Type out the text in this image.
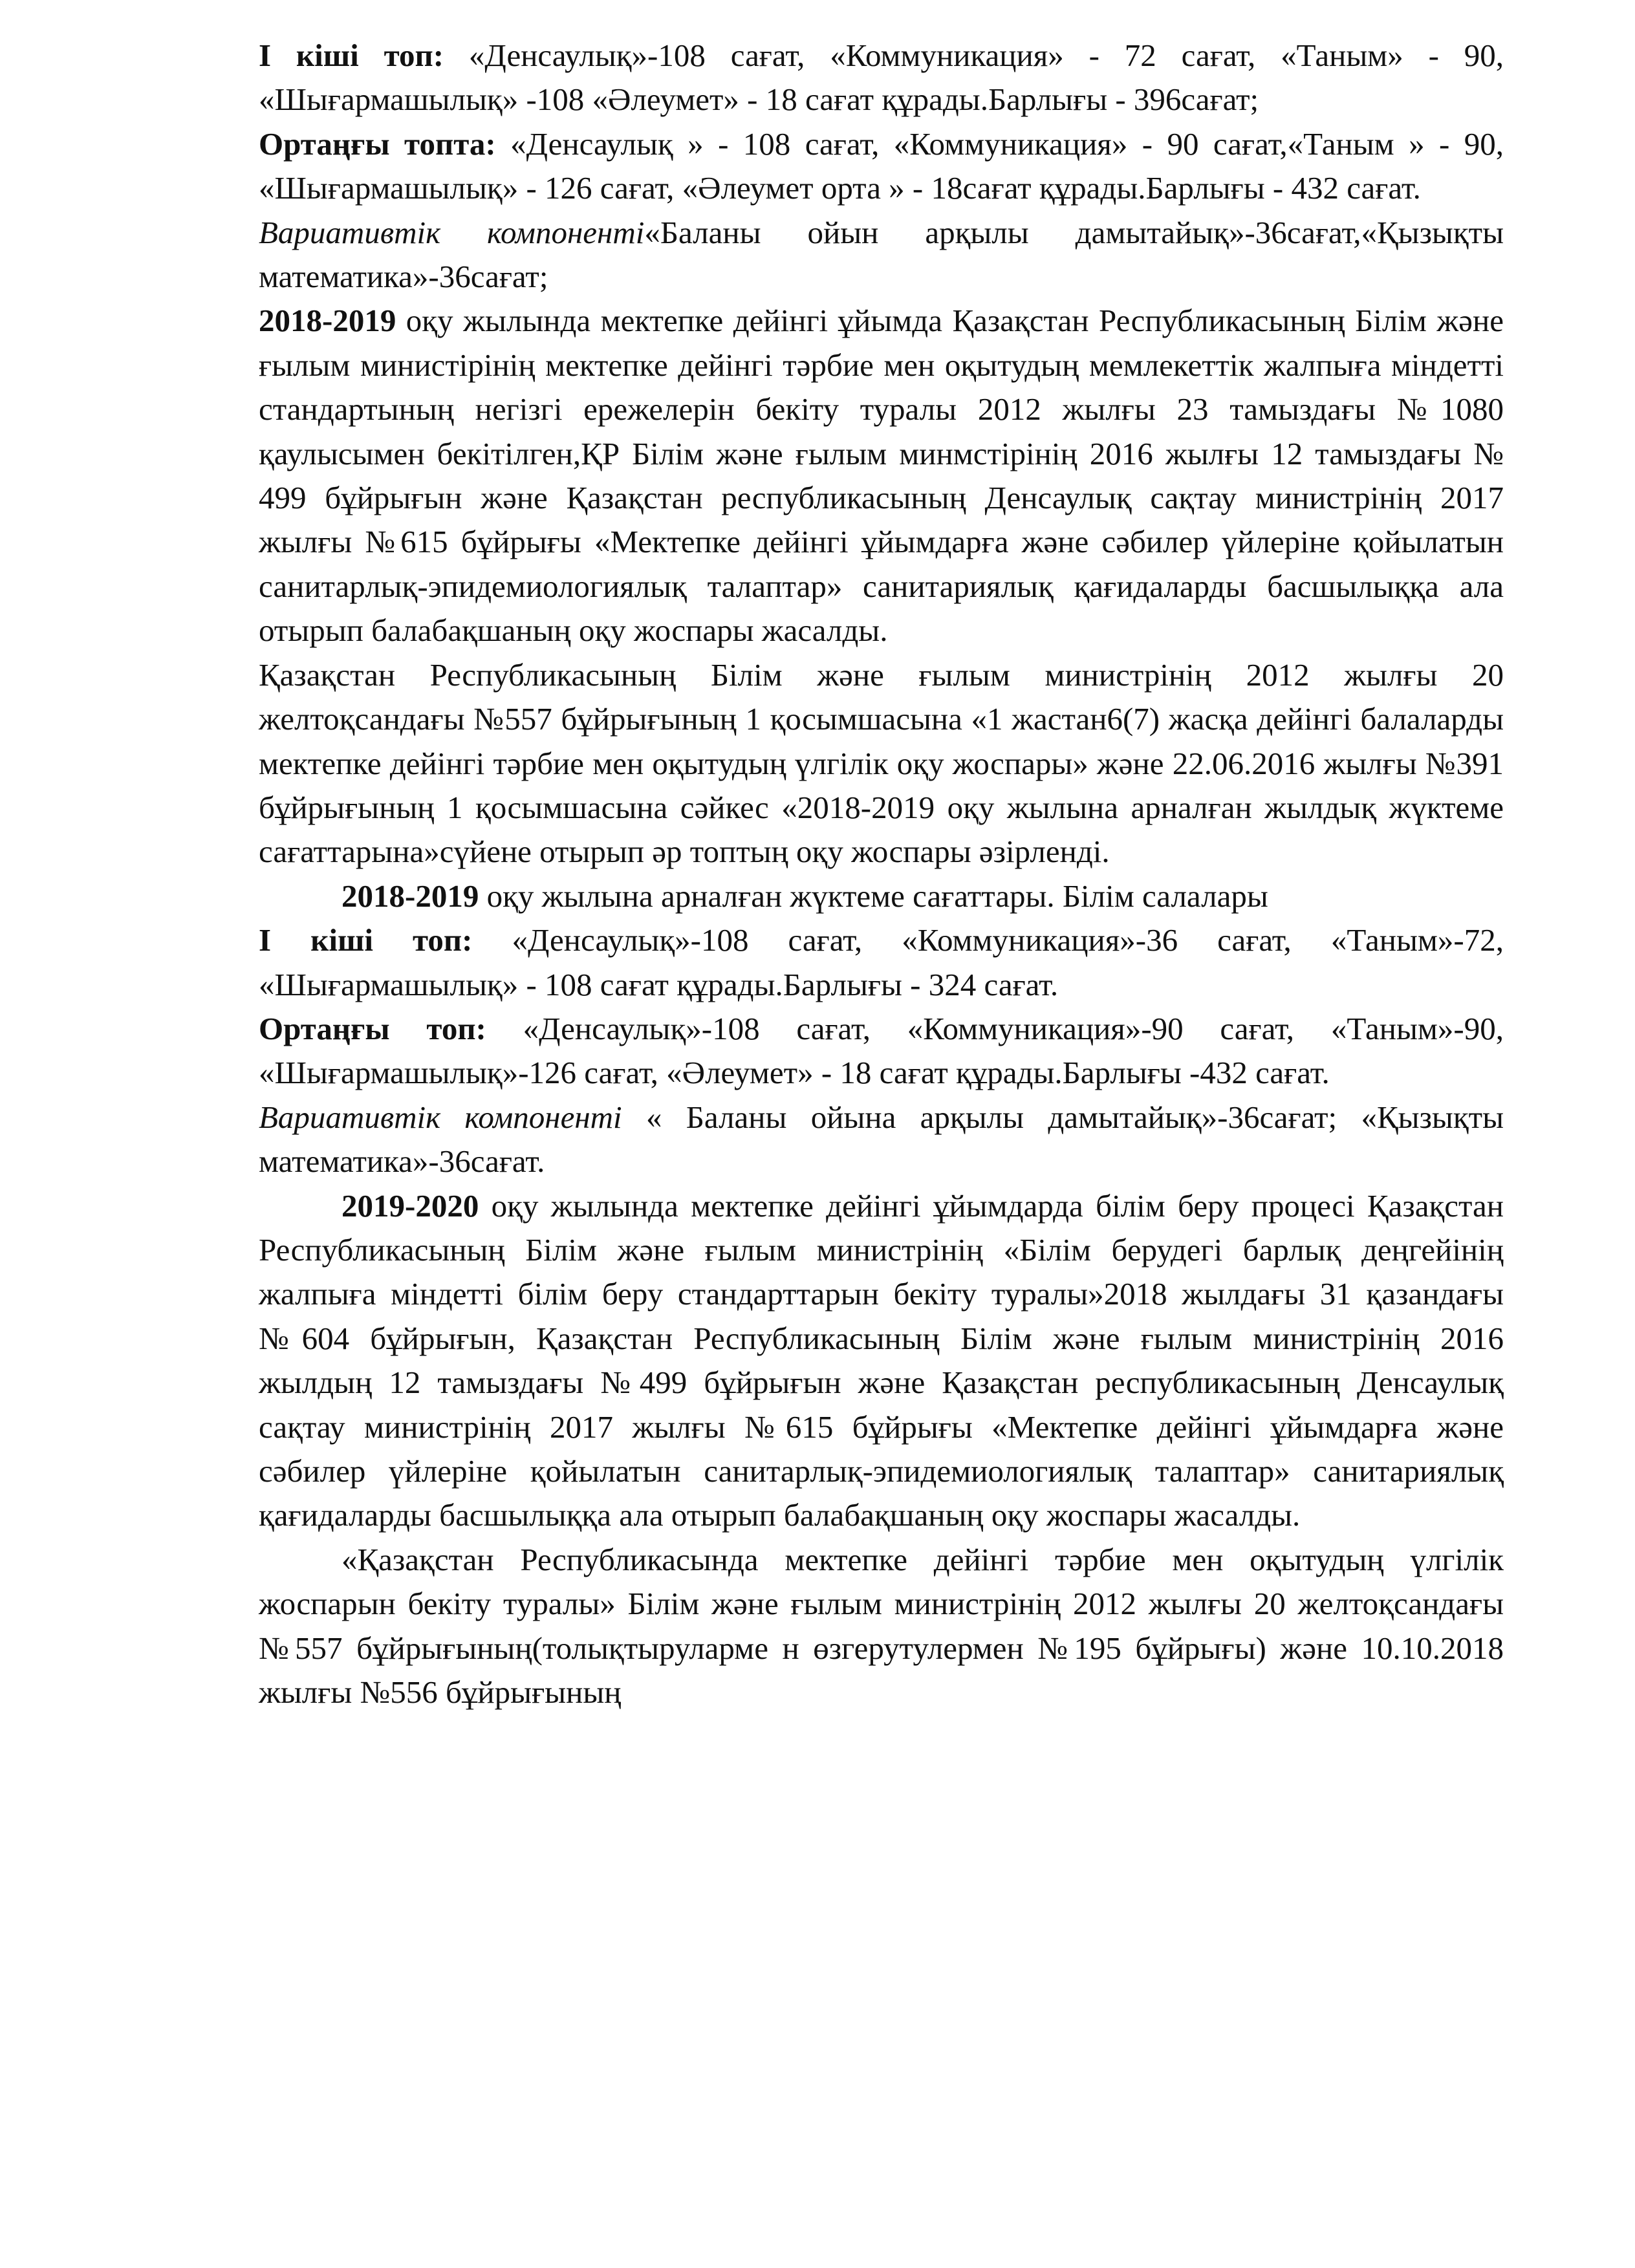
I кіші топ: «Денсаулық»-108 сағат, «Коммуникация» - 72 сағат, «Таным» - 90, «Шығармашылық» -108 «Әлеумет» - 18 сағат құрады.Барлығы - 396сағат;

Ортаңғы топта: «Денсаулық » - 108 сағат, «Коммуникация» - 90 сағат,«Таным » - 90, «Шығармашылық» - 126 сағат, «Әлеумет орта » - 18сағат құрады.Барлығы - 432 сағат.

Вариативтік компоненті«Баланы ойын арқылы дамытайық»-36сағат,«Қызықты математика»-36сағат;

2018-2019 оқу жылында мектепке дейінгі ұйымда Қазақстан Республикасының Білім және ғылым министірінің мектепке дейінгі тәрбие мен оқытудың мемлекеттік жалпыға міндетті стандартының негізгі ережелерін бекіту туралы 2012 жылғы 23 тамыздағы №1080 қаулысымен бекітілген,ҚР Білім және ғылым минмстірінің 2016 жылғы 12 тамыздағы № 499 бұйрығын және Қазақстан республикасының Денсаулық сақтау министрінің 2017 жылғы №615 бұйрығы «Мектепке дейінгі ұйымдарға және сәбилер үйлеріне қойылатын санитарлық-эпидемиологиялық талаптар» санитариялық қағидаларды басшылыққа ала отырып балабақшаның оқу жоспары жасалды.

Қазақстан Республикасының Білім және ғылым министрінің 2012 жылғы 20 желтоқсандағы №557 бұйрығының 1 қосымшасына «1 жастан6(7) жасқа дейінгі балаларды мектепке дейінгі тәрбие мен оқытудың үлгілік оқу жоспары» және 22.06.2016 жылғы №391 бұйрығының 1 қосымшасына сәйкес «2018-2019 оқу жылына арналған жылдық жүктеме сағаттарына»сүйене отырып әр топтың оқу жоспары әзірленді.

2018-2019 оқу жылына арналған жүктеме сағаттары. Білім салалары

I кіші топ: «Денсаулық»-108 сағат, «Коммуникация»-36 сағат, «Таным»-72, «Шығармашылық» - 108 сағат құрады.Барлығы - 324 сағат.

Ортаңғы топ: «Денсаулық»-108 сағат, «Коммуникация»-90 сағат, «Таным»-90, «Шығармашылық»-126 сағат, «Әлеумет» - 18 сағат құрады.Барлығы -432 сағат.

Вариативтік компоненті « Баланы ойына арқылы дамытайық»-36сағат; «Қызықты математика»-36сағат.

2019-2020 оқу жылында мектепке дейінгі ұйымдарда білім беру процесі Қазақстан Республикасының Білім және ғылым министрінің «Білім берудегі барлық деңгейінің жалпыға міндетті білім беру стандарттарын бекіту туралы»2018 жылдағы 31 қазандағы №604 бұйрығын, Қазақстан Республикасының Білім және ғылым министрінің 2016 жылдың 12 тамыздағы №499 бұйрығын және Қазақстан республикасының Денсаулық сақтау министрінің 2017 жылғы №615 бұйрығы «Мектепке дейінгі ұйымдарға және сәбилер үйлеріне қойылатын санитарлық-эпидемиологиялық талаптар» санитариялық қағидаларды басшылыққа ала отырып балабақшаның оқу жоспары жасалды.

«Қазақстан Республикасында мектепке дейінгі тәрбие мен оқытудың үлгілік жоспарын бекіту туралы» Білім және ғылым министрінің 2012 жылғы 20 желтоқсандағы №557 бұйрығының(толықтыруларме н өзгерутулермен №195 бұйрығы) және 10.10.2018 жылғы №556 бұйрығының
